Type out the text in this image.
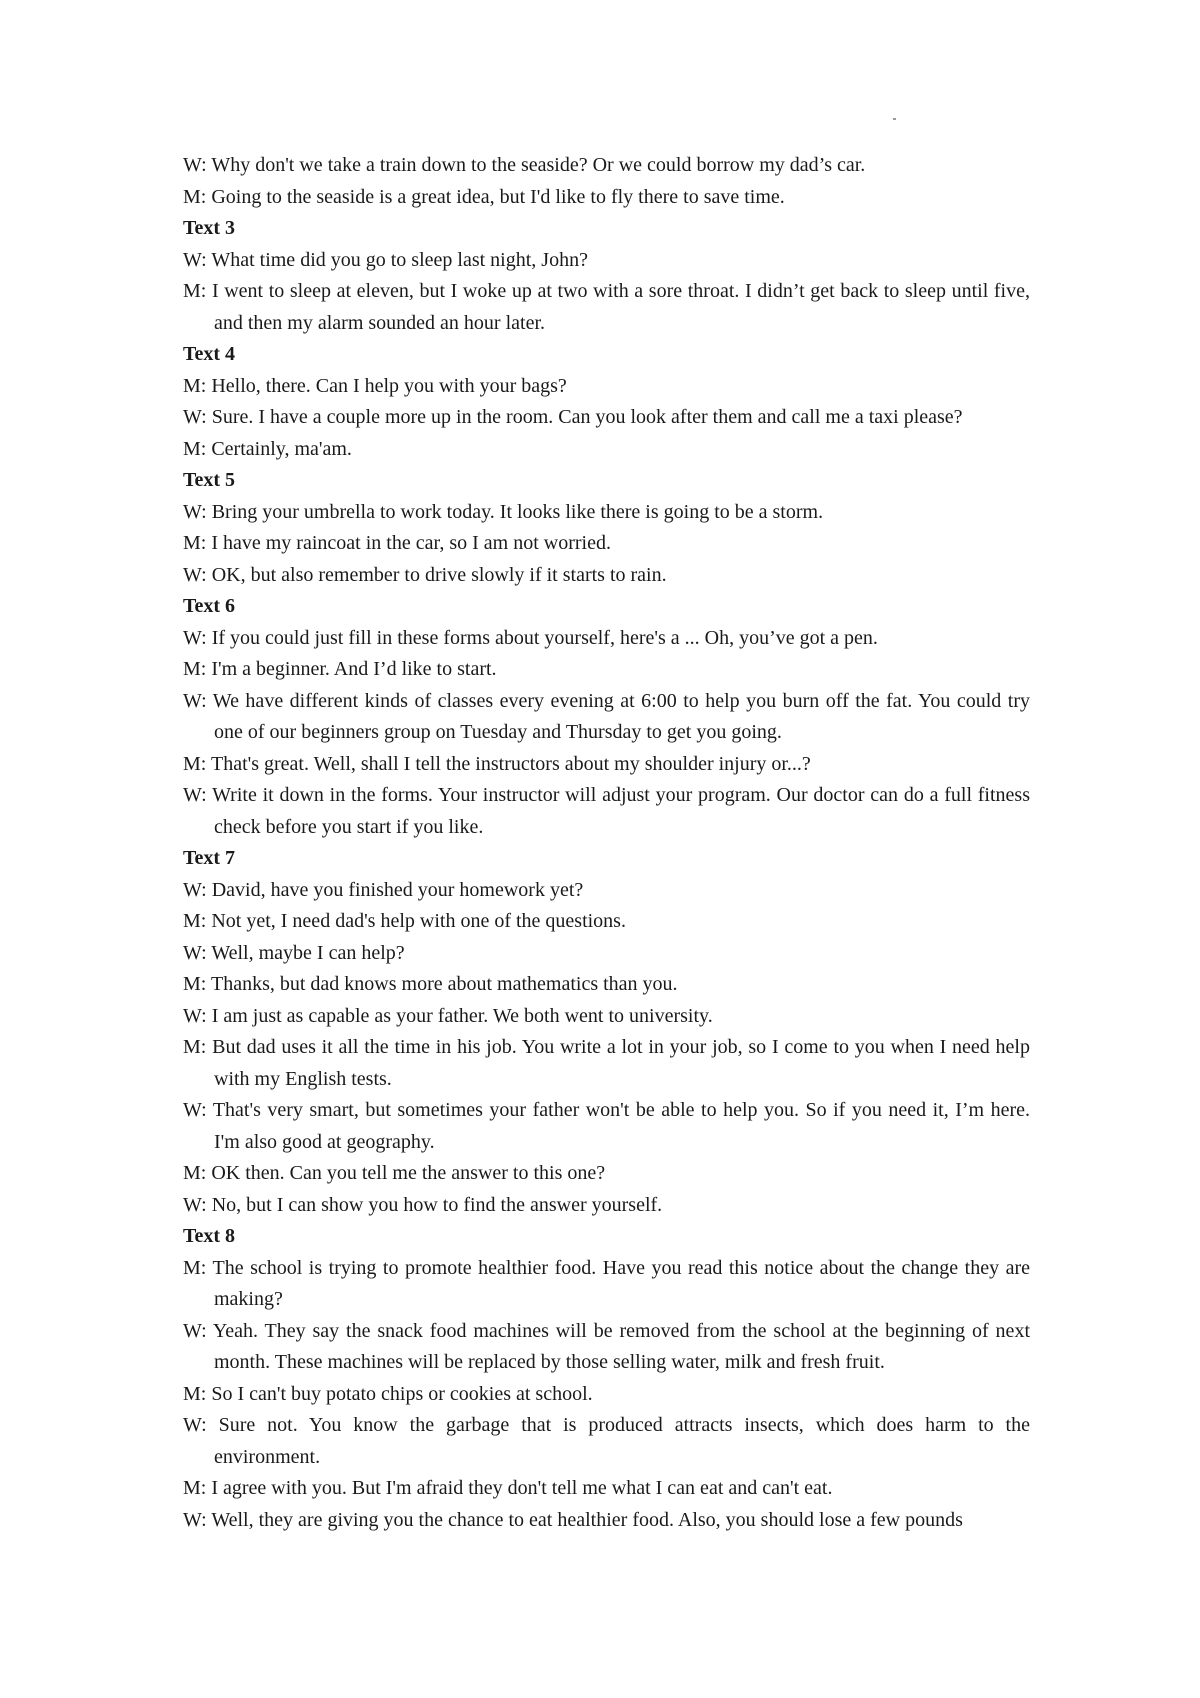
W: Why don't we take a train down to the seaside? Or we could borrow my dad’s car.
M: Going to the seaside is a great idea, but I'd like to fly there to save time.
Text 3
W: What time did you go to sleep last night, John?
M: I went to sleep at eleven, but I woke up at two with a sore throat. I didn’t get back to sleep until five, and then my alarm sounded an hour later.
Text 4
M: Hello, there. Can I help you with your bags?
W: Sure. I have a couple more up in the room. Can you look after them and call me a taxi please?
M: Certainly, ma'am.
Text 5
W: Bring your umbrella to work today. It looks like there is going to be a storm.
M: I have my raincoat in the car, so I am not worried.
W: OK, but also remember to drive slowly if it starts to rain.
Text 6
W: If you could just fill in these forms about yourself, here's a ... Oh, you’ve got a pen.
M: I'm a beginner. And I’d like to start.
W: We have different kinds of classes every evening at 6:00 to help you burn off the fat. You could try one of our beginners group on Tuesday and Thursday to get you going.
M: That's great. Well, shall I tell the instructors about my shoulder injury or...?
W: Write it down in the forms. Your instructor will adjust your program. Our doctor can do a full fitness check before you start if you like.
Text 7
W: David, have you finished your homework yet?
M: Not yet, I need dad's help with one of the questions.
W: Well, maybe I can help?
M: Thanks, but dad knows more about mathematics than you.
W: I am just as capable as your father. We both went to university.
M: But dad uses it all the time in his job. You write a lot in your job, so I come to you when I need help with my English tests.
W: That's very smart, but sometimes your father won't be able to help you. So if you need it, I’m here. I'm also good at geography.
M: OK then. Can you tell me the answer to this one?
W: No, but I can show you how to find the answer yourself.
Text 8
M: The school is trying to promote healthier food. Have you read this notice about the change they are making?
W: Yeah. They say the snack food machines will be removed from the school at the beginning of next month. These machines will be replaced by those selling water, milk and fresh fruit.
M: So I can't buy potato chips or cookies at school.
W: Sure not. You know the garbage that is produced attracts insects, which does harm to the environment.
M: I agree with you. But I'm afraid they don't tell me what I can eat and can't eat.
W: Well, they are giving you the chance to eat healthier food. Also, you should lose a few pounds
